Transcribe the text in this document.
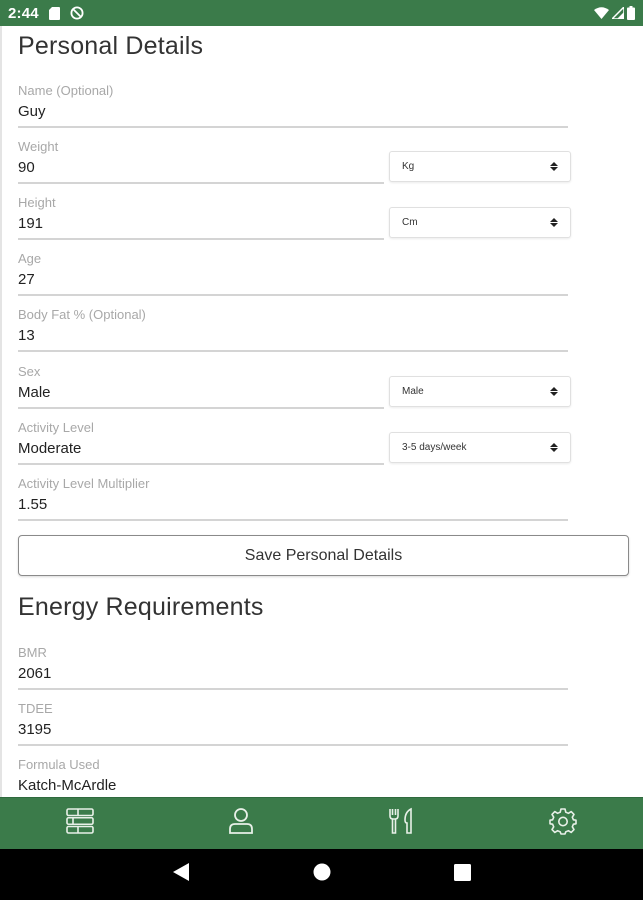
2:44
Personal Details
Name (Optional)
Guy
Weight
90	Kg
Height
191	Cm
Age
27
Body Fat % (Optional)
13
Sex
Male	Male
Activity Level
Moderate	3-5 days/week
Activity Level Multiplier
1.55
Save Personal Details
Energy Requirements
BMR
2061
TDEE
3195
Formula Used
Katch-McArdle
